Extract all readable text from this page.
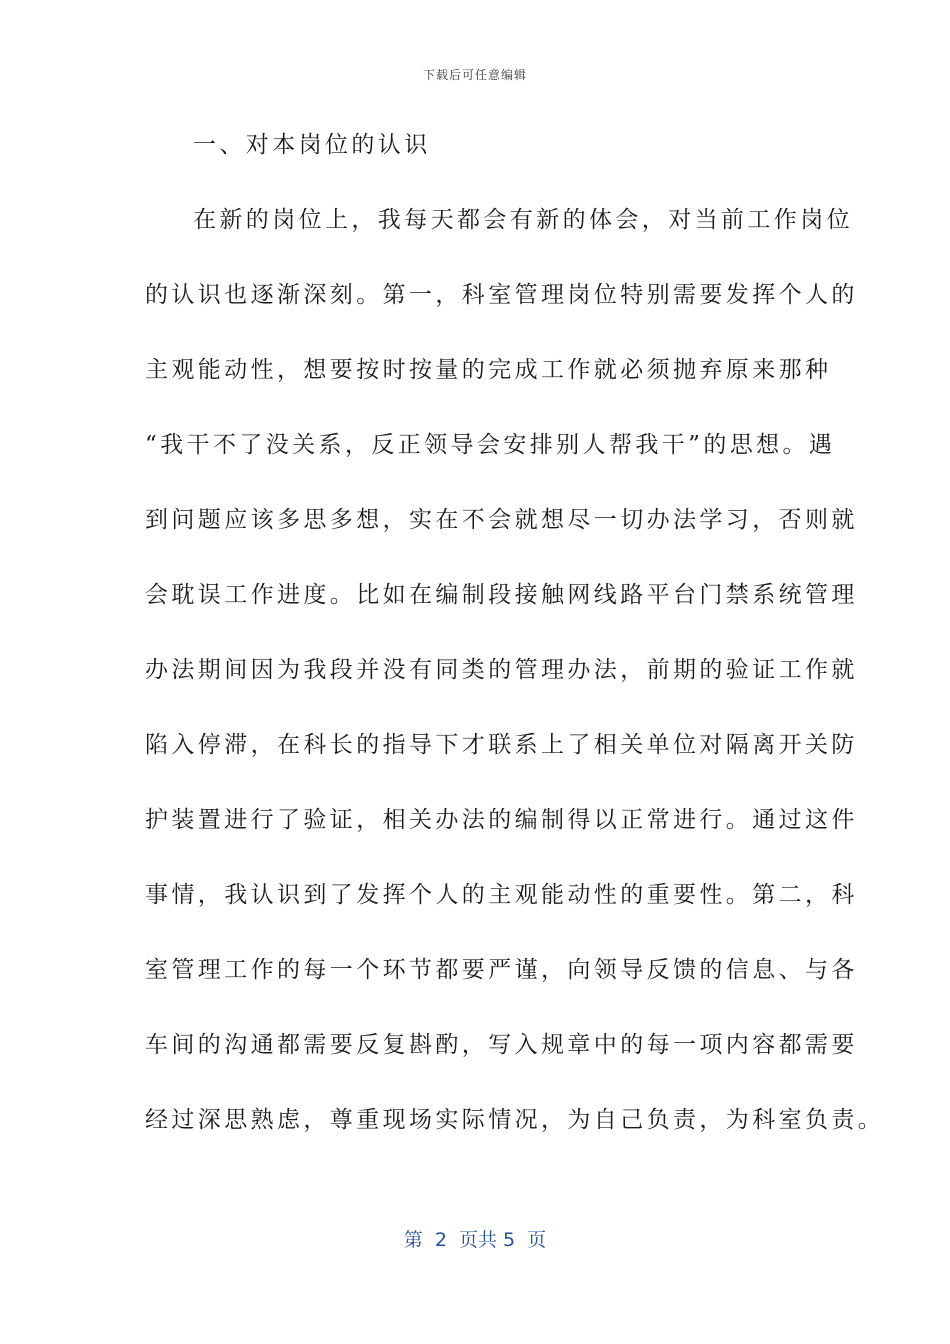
下载后可任意编辑
一、对本岗位的认识
在新的岗位上，我每天都会有新的体会，对当前工作岗位
的认识也逐渐深刻。第一，科室管理岗位特别需要发挥个人的
主观能动性，想要按时按量的完成工作就必须抛弃原来那种
“我干不了没关系，反正领导会安排别人帮我干”的思想。遇
到问题应该多思多想，实在不会就想尽一切办法学习，否则就
会耽误工作进度。比如在编制段接触网线路平台门禁系统管理
办法期间因为我段并没有同类的管理办法，前期的验证工作就
陷入停滞，在科长的指导下才联系上了相关单位对隔离开关防
护装置进行了验证，相关办法的编制得以正常进行。通过这件
事情，我认识到了发挥个人的主观能动性的重要性。第二，科
室管理工作的每一个环节都要严谨，向领导反馈的信息、与各
车间的沟通都需要反复斟酌，写入规章中的每一项内容都需要
经过深思熟虑，尊重现场实际情况，为自己负责，为科室负责。
第  2  页共 5  页
